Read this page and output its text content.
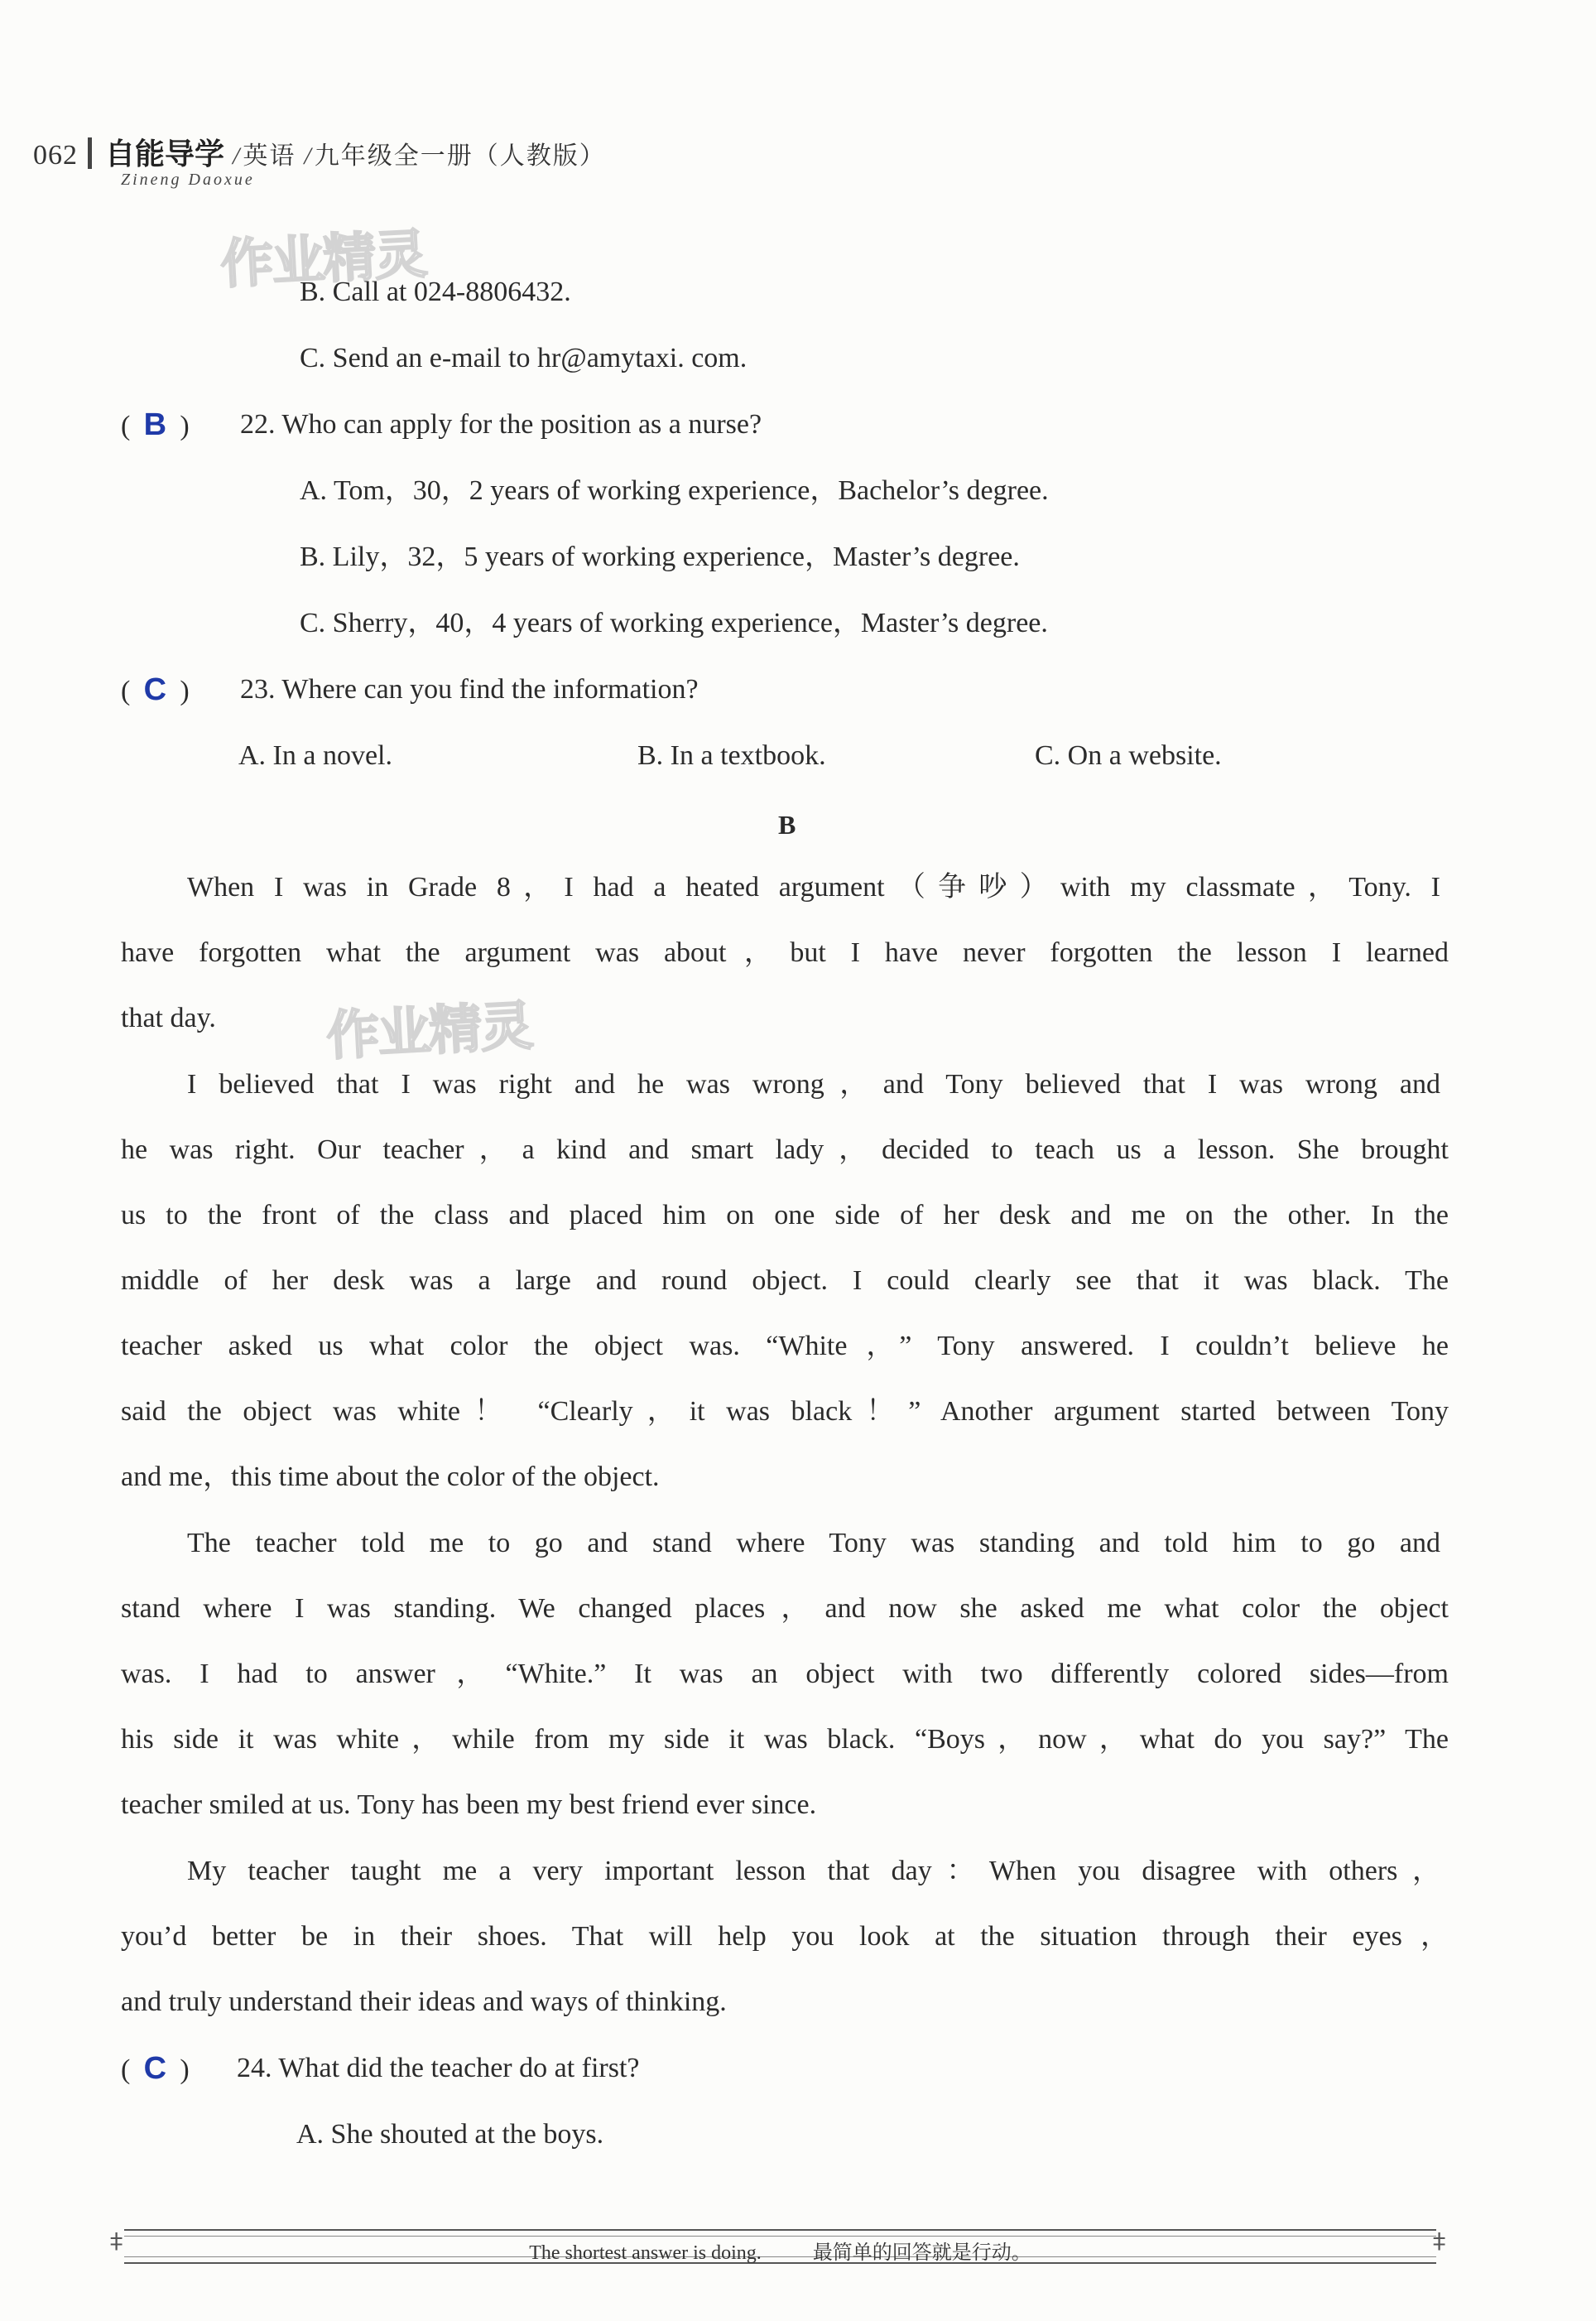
062 自能导学 / 英语 / 九年级全一册（人教版）
Zineng Daoxue
作业精灵
作业精灵
B. Call at 024-8806432.
C. Send an e-mail to hr@amytaxi. com.
( B ) 22. Who can apply for the position as a nurse?
A. Tom，30，2 years of working experience，Bachelor’s degree.
B. Lily，32，5 years of working experience，Master’s degree.
C. Sherry，40，4 years of working experience，Master’s degree.
( C ) 23. Where can you find the information?
A. In a novel.	B. In a textbook.	C. On a website.
B
When I was in Grade 8，I had a heated argument（争吵）with my classmate，Tony. I
have forgotten what the argument was about，but I have never forgotten the lesson I learned
that day.
I believed that I was right and he was wrong，and Tony believed that I was wrong and
he was right. Our teacher，a kind and smart lady，decided to teach us a lesson. She brought
us to the front of the class and placed him on one side of her desk and me on the other. In the
middle of her desk was a large and round object. I could clearly see that it was black. The
teacher asked us what color the object was. “White，” Tony answered. I couldn’t believe he
said the object was white！ “Clearly，it was black！” Another argument started between Tony
and me，this time about the color of the object.
The teacher told me to go and stand where Tony was standing and told him to go and
stand where I was standing. We changed places，and now she asked me what color the object
was. I had to answer，“White.” It was an object with two differently colored sides—from
his side it was white，while from my side it was black. “Boys，now，what do you say?” The
teacher smiled at us. Tony has been my best friend ever since.
My teacher taught me a very important lesson that day：When you disagree with others，
you’d better be in their shoes. That will help you look at the situation through their eyes，
and truly understand their ideas and ways of thinking.
( C ) 24. What did the teacher do at first?
A. She shouted at the boys.
⧧	The shortest answer is doing.	最简单的回答就是行动。	⧧
